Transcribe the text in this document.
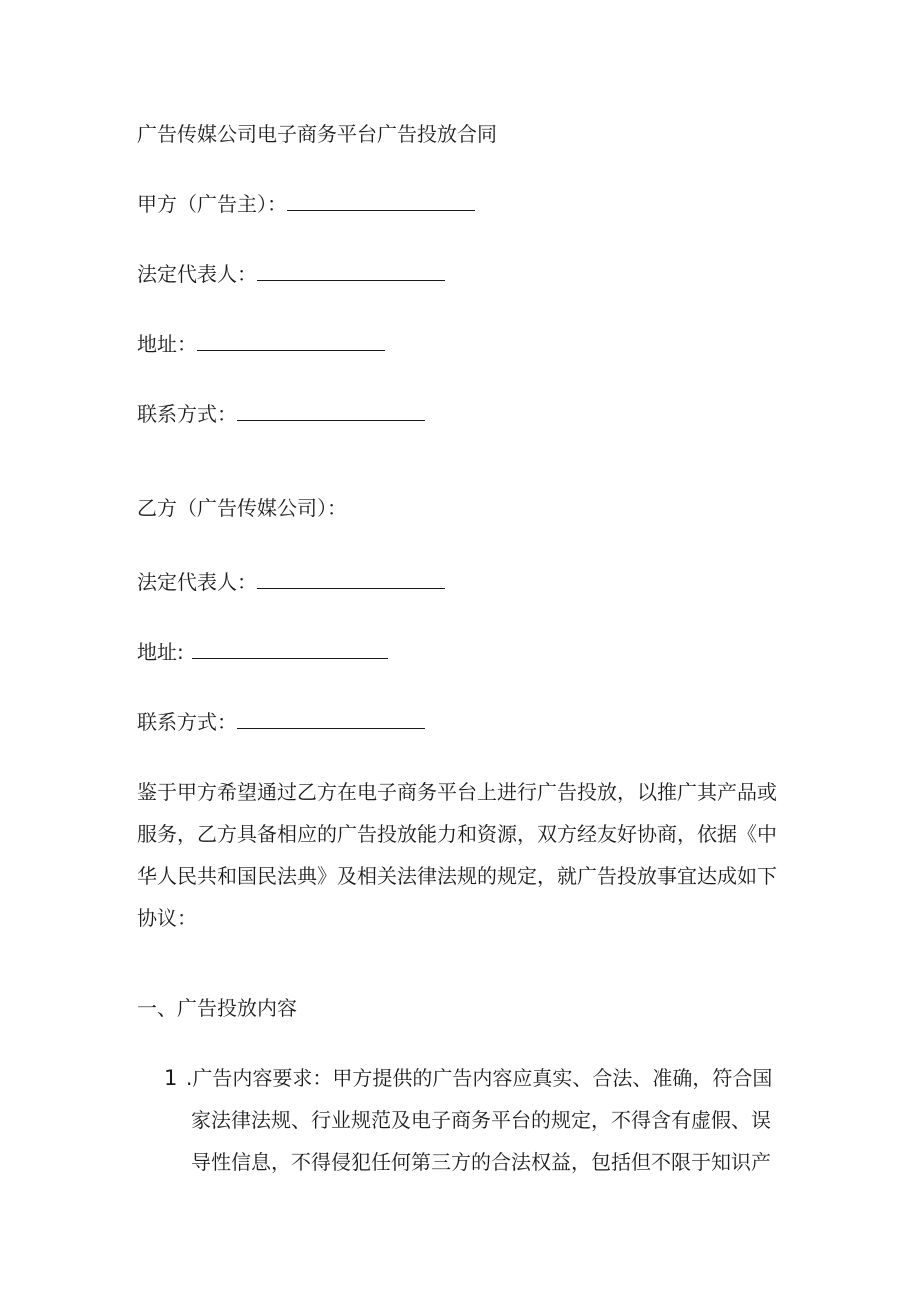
广告传媒公司电子商务平台广告投放合同
甲方（广告主）：
法定代表人：
地址：
联系方式：
乙方（广告传媒公司）：
法定代表人：
地址:
联系方式：
鉴于甲方希望通过乙方在电子商务平台上进行广告投放，以推广其产品或
服务，乙方具备相应的广告投放能力和资源，双方经友好协商，依据《中
华人民共和国民法典》及相关法律法规的规定，就广告投放事宜达成如下
协议：
一、广告投放内容
1 .广告内容要求：甲方提供的广告内容应真实、合法、准确，符合国
家法律法规、行业规范及电子商务平台的规定，不得含有虚假、误
导性信息，不得侵犯任何第三方的合法权益，包括但不限于知识产
